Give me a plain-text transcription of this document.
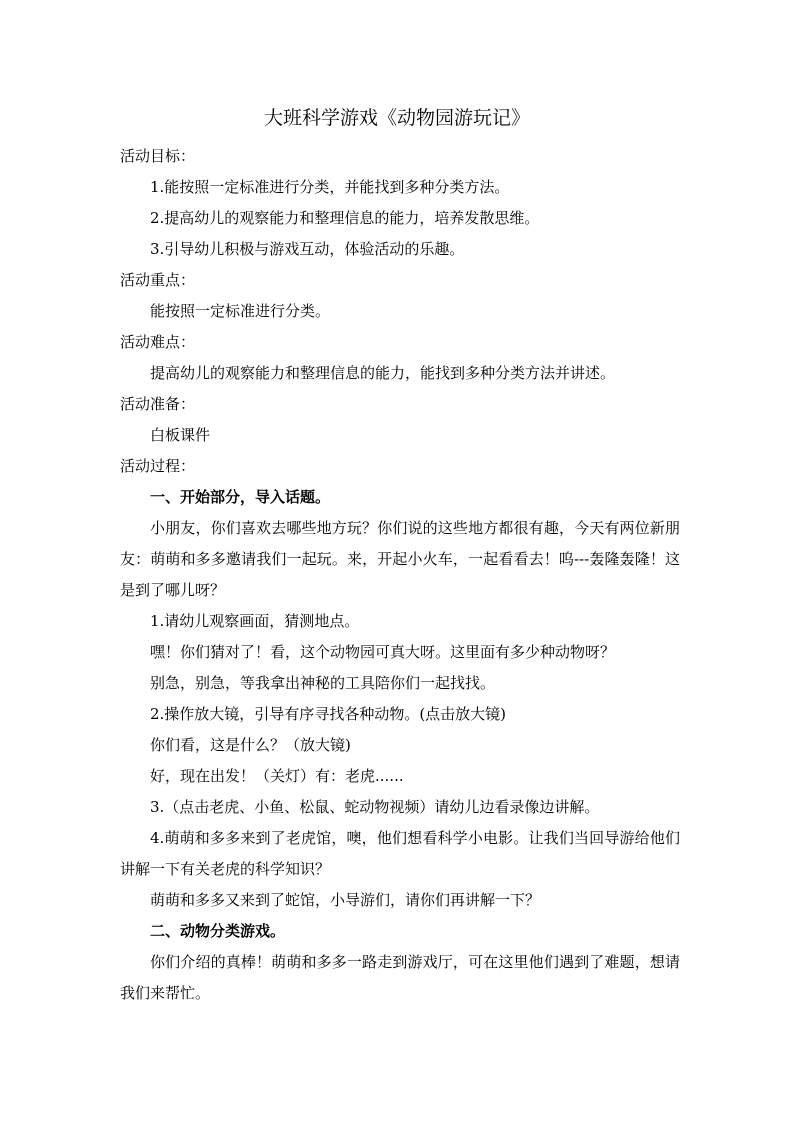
大班科学游戏《动物园游玩记》

活动目标：

1.能按照一定标准进行分类，并能找到多种分类方法。

2.提高幼儿的观察能力和整理信息的能力，培养发散思维。

3.引导幼儿积极与游戏互动，体验活动的乐趣。

活动重点：

能按照一定标准进行分类。

活动难点：

提高幼儿的观察能力和整理信息的能力，能找到多种分类方法并讲述。

活动准备：

白板课件

活动过程：

一、开始部分，导入话题。

小朋友，你们喜欢去哪些地方玩？你们说的这些地方都很有趣，今天有两位新朋友：萌萌和多多邀请我们一起玩。来，开起小火车，一起看看去！呜---轰隆轰隆！这是到了哪儿呀？

1.请幼儿观察画面，猜测地点。

嘿！你们猜对了！看，这个动物园可真大呀。这里面有多少种动物呀？

别急，别急，等我拿出神秘的工具陪你们一起找找。

2.操作放大镜，引导有序寻找各种动物。(点击放大镜)

你们看，这是什么？（放大镜)

好，现在出发！（关灯）有：老虎......

3.（点击老虎、小鱼、松鼠、蛇动物视频）请幼儿边看录像边讲解。

4.萌萌和多多来到了老虎馆，噢，他们想看科学小电影。让我们当回导游给他们讲解一下有关老虎的科学知识？

萌萌和多多又来到了蛇馆，小导游们，请你们再讲解一下？

二、动物分类游戏。

你们介绍的真棒！萌萌和多多一路走到游戏厅，可在这里他们遇到了难题，想请我们来帮忙。
